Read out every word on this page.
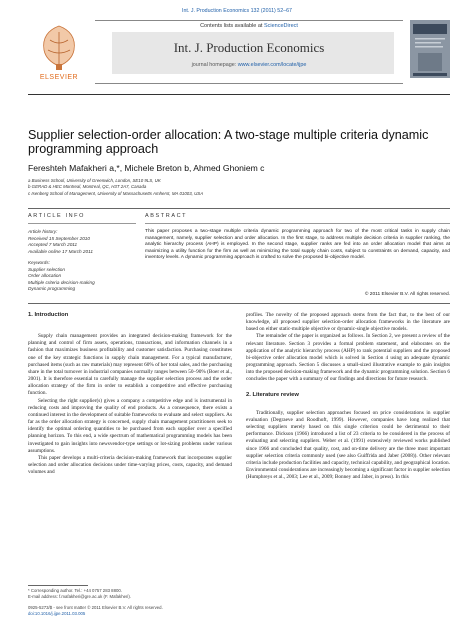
Int. J. Production Economics 132 (2011) 52–67
ELSEVIER
Contents lists available at ScienceDirect
Int. J. Production Economics
journal homepage: www.elsevier.com/locate/ijpe
Supplier selection-order allocation: A two-stage multiple criteria dynamic programming approach
Fereshteh Mafakheri a,*, Michele Breton b, Ahmed Ghoniem c
a Business School, University of Greenwich, London, SE10 9LS, UK
b GERAD & HEC Montreal, Montreal, QC, H3T 2A7, Canada
c Isenberg School of Management, University of Massachusetts Amherst, MA 01003, USA
ARTICLE INFO
Article history:
Received 15 September 2010
Accepted 7 March 2011
Available online 17 March 2011
Keywords:
Supplier selection
Order allocation
Multiple criteria decision-making
Dynamic programming
ABSTRACT
This paper proposes a two-stage multiple criteria dynamic programming approach for two of the most critical tasks in supply chain management, namely, supplier selection and order allocation. In the first stage, to address multiple decision criteria in supplier ranking, the analytic hierarchy process (AHP) is employed. In the second stage, supplier ranks are fed into an order allocation model that aims at maximizing a utility function for the firm as well as minimizing the total supply chain costs, subject to constraints on demand, capacity, and inventory levels. A dynamic programming approach is crafted to solve the proposed bi-objective model.
© 2011 Elsevier B.V. All rights reserved.
1. Introduction

Supply chain management provides an integrated decision-making framework for the planning and control of firm assets, operations, transactions, and information channels in a fashion that maximizes business profitability and customer satisfaction. Purchasing constitutes one of the key strategic functions in supply chain management. For a typical manufacturer, purchased items (such as raw materials) may represent 60% of her total sales, and the purchasing share in the total turnover in industrial companies normally ranges between 50–90% (Boer et al., 2001). It is therefore essential to carefully manage the supplier selection process and the order allocation strategy of the firm in order to establish a competitive and effective purchasing function.

Selecting the right supplier(s) gives a company a competitive edge and is instrumental in reducing costs and improving the quality of end products. As a consequence, there exists a continued interest in the development of suitable frameworks to evaluate and select suppliers. As far as the order allocation strategy is concerned, supply chain management practitioners seek to identify the optimal ordering quantities to be purchased from each supplier over a specified planning horizon. To this end, a wide spectrum of mathematical programming models has been investigated to gain insights into newsvendor-type settings or lot-sizing problems under various assumptions.

This paper develops a multi-criteria decision-making framework that incorporates supplier selection and order allocation decisions under time-varying prices, costs, capacity, and demand volumes and

profiles. The novelty of the proposed approach stems from the fact that, to the best of our knowledge, all proposed supplier selection-order allocation frameworks in the literature are based on either static-multiple objective or dynamic-single objective models.

The remainder of the paper is organized as follows. In Section 2, we present a review of the relevant literature. Section 3 provides a formal problem statement, and elaborates on the application of the analytic hierarchy process (AHP) to rank potential suppliers and the proposed bi-objective order allocation model which is solved in Section 4 using an adequate dynamic programming approach. Section 5 discusses a small-sized illustrative example to gain insights into the proposed decision-making framework and the dynamic programming solution. Section 6 concludes the paper with a summary of our findings and directions for future research.

2. Literature review

Traditionally, supplier selection approaches focused on price considerations in supplier evaluation (Degraeve and Roodhoft, 1999). However, companies have long realized that selecting suppliers merely based on this single criterion could be detrimental to their performance. Dickson (1966) introduced a list of 23 criteria to be considered in the process of evaluating and selecting suppliers. Weber et al. (1991) extensively reviewed works published since 1966 and concluded that quality, cost, and on-time delivery are the three most important supplier selection criteria commonly used (see also Guiffrida and Jaber (2008)). Other relevant criteria include production facilities and capacity, technical capability, and geographical location. Environmental considerations are increasingly becoming a significant factor in supplier selection (Humphreys et al., 2003; Lee et al., 2009; Bonney and Jaber, in press). In this

* Corresponding author. Tel.: +44 0757 283 8800.
E-mail address: f.mafakheri@gre.ac.uk (F. Mafakheri).
0925-5273/$ - see front matter © 2011 Elsevier B.V. All rights reserved.
doi:10.1016/j.ijpe.2011.03.005
